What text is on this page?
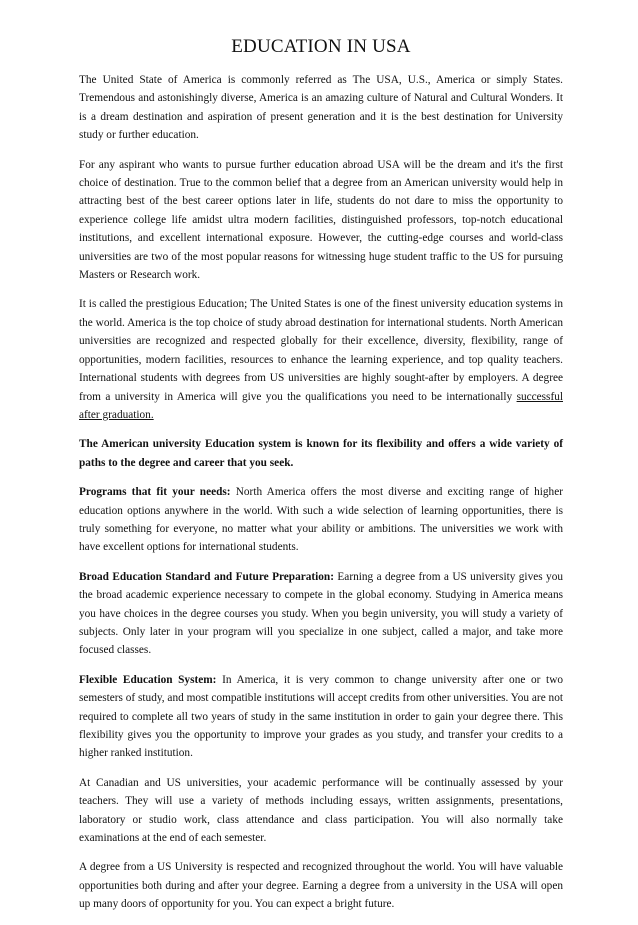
EDUCATION IN USA

The United State of America is commonly referred as The USA, U.S., America or simply States. Tremendous and astonishingly diverse, America is an amazing culture of Natural and Cultural Wonders. It is a dream destination and aspiration of present generation and it is the best destination for University study or further education.

For any aspirant who wants to pursue further education abroad USA will be the dream and it's the first choice of destination. True to the common belief that a degree from an American university would help in attracting best of the best career options later in life, students do not dare to miss the opportunity to experience college life amidst ultra modern facilities, distinguished professors, top-notch educational institutions, and excellent international exposure. However, the cutting-edge courses and world-class universities are two of the most popular reasons for witnessing huge student traffic to the US for pursuing Masters or Research work.

It is called the prestigious Education; The United States is one of the finest university education systems in the world. America is the top choice of study abroad destination for international students. North American universities are recognized and respected globally for their excellence, diversity, flexibility, range of opportunities, modern facilities, resources to enhance the learning experience, and top quality teachers. International students with degrees from US universities are highly sought-after by employers. A degree from a university in America will give you the qualifications you need to be internationally successful after graduation.

The American university Education system is known for its flexibility and offers a wide variety of paths to the degree and career that you seek.

Programs that fit your needs: North America offers the most diverse and exciting range of higher education options anywhere in the world. With such a wide selection of learning opportunities, there is truly something for everyone, no matter what your ability or ambitions. The universities we work with have excellent options for international students.

Broad Education Standard and Future Preparation: Earning a degree from a US university gives you the broad academic experience necessary to compete in the global economy. Studying in America means you have choices in the degree courses you study. When you begin university, you will study a variety of subjects. Only later in your program will you specialize in one subject, called a major, and take more focused classes.

Flexible Education System: In America, it is very common to change university after one or two semesters of study, and most compatible institutions will accept credits from other universities. You are not required to complete all two years of study in the same institution in order to gain your degree there. This flexibility gives you the opportunity to improve your grades as you study, and transfer your credits to a higher ranked institution.

At Canadian and US universities, your academic performance will be continually assessed by your teachers. They will use a variety of methods including essays, written assignments, presentations, laboratory or studio work, class attendance and class participation. You will also normally take examinations at the end of each semester.

A degree from a US University is respected and recognized throughout the world. You will have valuable opportunities both during and after your degree. Earning a degree from a university in the USA will open up many doors of opportunity for you. You can expect a bright future.
